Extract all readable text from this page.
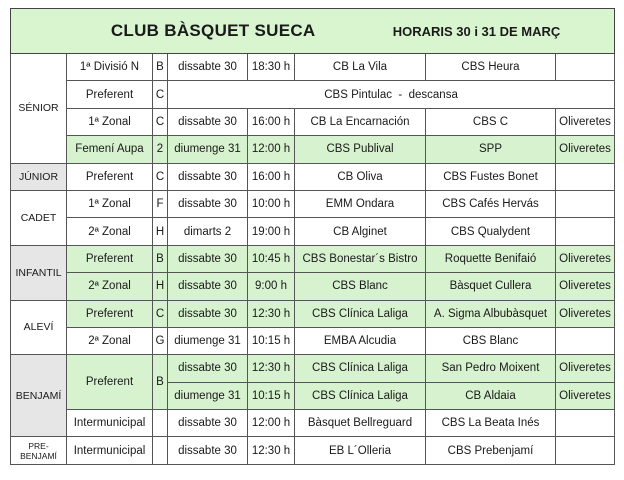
CLUB BÀSQUET SUECA HORARIS 30 i 31 DE MARÇ							
SÉNIOR	1ª Divisió N	B	dissabte 30	18:30 h	CB La Vila	CBS Heura	
	Preferent	C	CBS Pintulac  -  descansa				
	1ª Zonal	C	dissabte 30	16:00 h	CB La Encarnación	CBS C	Oliveretes
	Femení Aupa	2	diumenge 31	12:00 h	CBS Publival	SPP	Oliveretes
JÚNIOR	Preferent	C	dissabte 30	16:00 h	CB Oliva	CBS Fustes Bonet	
CADET	1ª Zonal	F	dissabte 30	10:00 h	EMM Ondara	CBS Cafés Hervás	
	2ª Zonal	H	dimarts 2	19:00 h	CB Alginet	CBS Qualydent	
INFANTIL	Preferent	B	dissabte 30	10:45 h	CBS Bonestar´s Bistro	Roquette Benifaió	Oliveretes
	2ª Zonal	H	dissabte 30	9:00 h	CBS Blanc	Bàsquet Cullera	Oliveretes
ALEVÍ	Preferent	C	dissabte 30	12:30 h	CBS Clínica Laliga	A. Sigma Albubàsquet	Oliveretes
	2ª Zonal	G	diumenge 31	10:15 h	EMBA Alcudia	CBS Blanc	
BENJAMÍ	Preferent	B	dissabte 30	12:30 h	CBS Clínica Laliga	San Pedro Moixent	Oliveretes
			diumenge 31	10:15 h	CBS Clínica Laliga	CB Aldaia	Oliveretes
	Intermunicipal		dissabte 30	12:00 h	Bàsquet Bellreguard	CBS La Beata Inés	
PRE-
BENJAMÍ	Intermunicipal		dissabte 30	12:30 h	EB L´Olleria	CBS Prebenjamí	
